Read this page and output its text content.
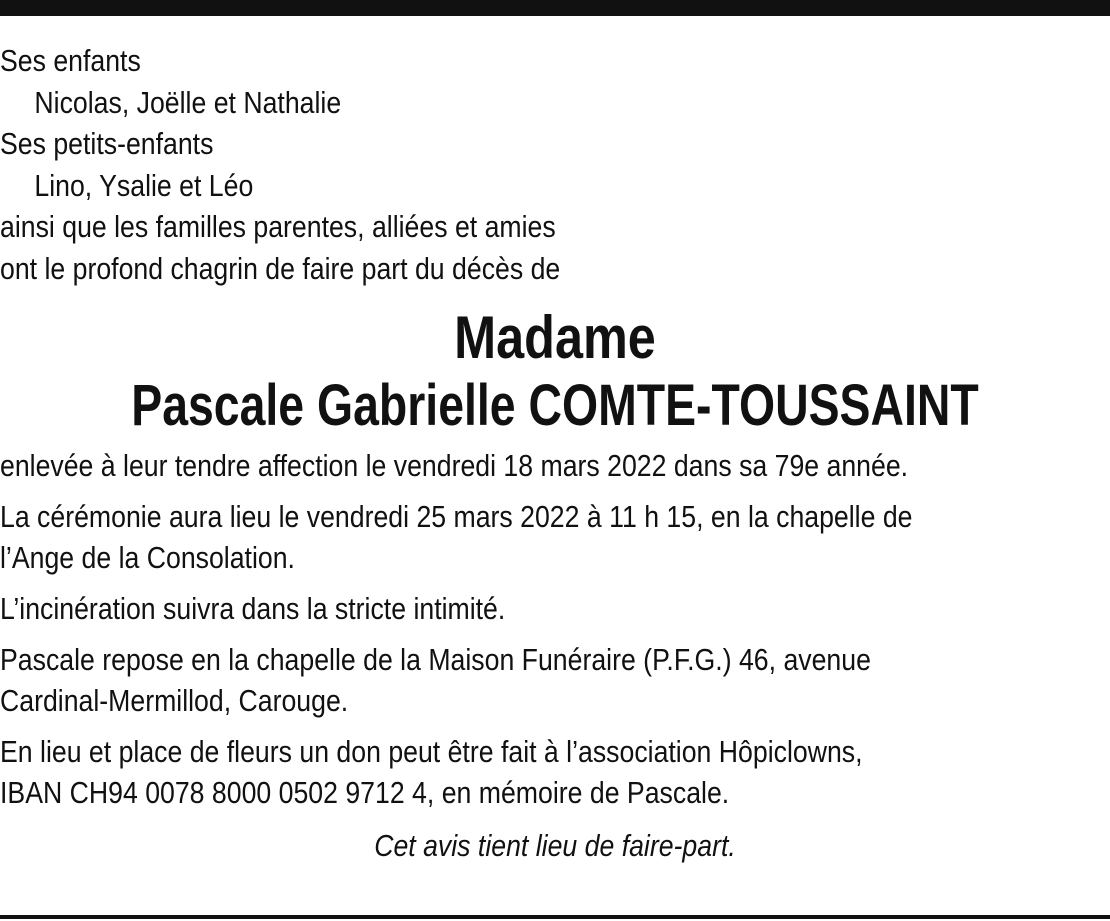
Ses enfants
Nicolas, Joëlle et Nathalie
Ses petits-enfants
Lino, Ysalie et Léo
ainsi que les familles parentes, alliées et amies
ont le profond chagrin de faire part du décès de
Madame
Pascale Gabrielle COMTE-TOUSSAINT
enlevée à leur tendre affection le vendredi 18 mars 2022 dans sa 79e année.
La cérémonie aura lieu le vendredi 25 mars 2022 à 11 h 15, en la chapelle de
l’Ange de la Consolation.
L’incinération suivra dans la stricte intimité.
Pascale repose en la chapelle de la Maison Funéraire (P.F.G.) 46, avenue
Cardinal-Mermillod, Carouge.
En lieu et place de fleurs un don peut être fait à l’association Hôpiclowns,
IBAN CH94 0078 8000 0502 9712 4, en mémoire de Pascale.
Cet avis tient lieu de faire-part.
